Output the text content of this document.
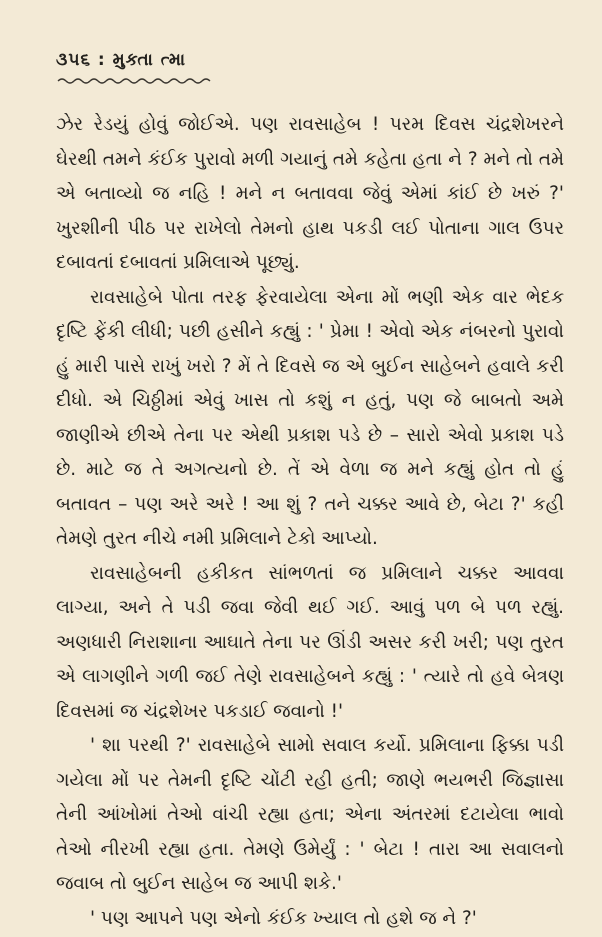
૩૫૬ : મુક્તા ત્મા

ઝેર રેડયું હોવું જોઈએ. પણ રાવસાહેબ ! પરમ દિવસ ચંદ્રશેખરને ઘેરથી તમને કંઈક પુરાવો મળી ગયાનું તમે કહેતા હતા ને ? મને તો તમે એ બતાવ્યો જ નહિ ! મને ન બતાવવા જેવું એમાં કાંઈ છે ખરું ?' ખુરશીની પીઠ પર રાખેલો તેમનો હાથ પકડી લઈ પોતાના ગાલ ઉપર દબાવતાં દબાવતાં પ્રમિલાએ પૂછ્યું.

રાવસાહેબે પોતા તરફ ફેરવાયેલા એના મોં ભણી એક વાર ભેદક દૃષ્ટિ ફેંકી લીધી; પછી હસીને કહ્યું : ' પ્રેમા ! એવો એક નંબરનો પુરાવો હું મારી પાસે રાખું ખરો ? મેં તે દિવસે જ એ બુઈન સાહેબને હવાલે કરી દીધો. એ ચિઠ્ઠીમાં એવું ખાસ તો કશું ન હતું, પણ જે બાબતો અમે જાણીએ છીએ તેના પર એથી પ્રકાશ પડે છે – સારો એવો પ્રકાશ પડે છે. માટે જ તે અગત્યનો છે. તેં એ વેળા જ મને કહ્યું હોત તો હું બતાવત – પણ અરે અરે ! આ શું ? તને ચક્કર આવે છે, બેટા ?' કહી તેમણે તુરત નીચે નમી પ્રમિલાને ટેકો આપ્યો.

રાવસાહેબની હકીકત સાંભળતાં જ પ્રમિલાને ચક્કર આવવા લાગ્યા, અને તે પડી જવા જેવી થઈ ગઈ. આવું પળ બે પળ રહ્યું. અણધારી નિરાશાના આઘાતે તેના પર ઊંડી અસર કરી ખરી; પણ તુરત એ લાગણીને ગળી જઈ તેણે રાવસાહેબને કહ્યું : ' ત્યારે તો હવે બેત્રણ દિવસમાં જ ચંદ્રશેખર પકડાઈ જવાનો !'

' શા પરથી ?' રાવસાહેબે સામો સવાલ કર્યો. પ્રમિલાના ફિક્કા પડી ગયેલા મોં પર તેમની દૃષ્ટિ ચોંટી રહી હતી; જાણે ભયભરી જિજ્ઞાસા તેની આંખોમાં તેઓ વાંચી રહ્યા હતા; એના અંતરમાં દટાયેલા ભાવો તેઓ નીરખી રહ્યા હતા. તેમણે ઉમેર્યું : ' બેટા ! તારા આ સવાલનો જવાબ તો બુઈન સાહેબ જ આપી શકે.'

' પણ આપને પણ એનો કંઈક ખ્યાલ તો હશે જ ને ?'
